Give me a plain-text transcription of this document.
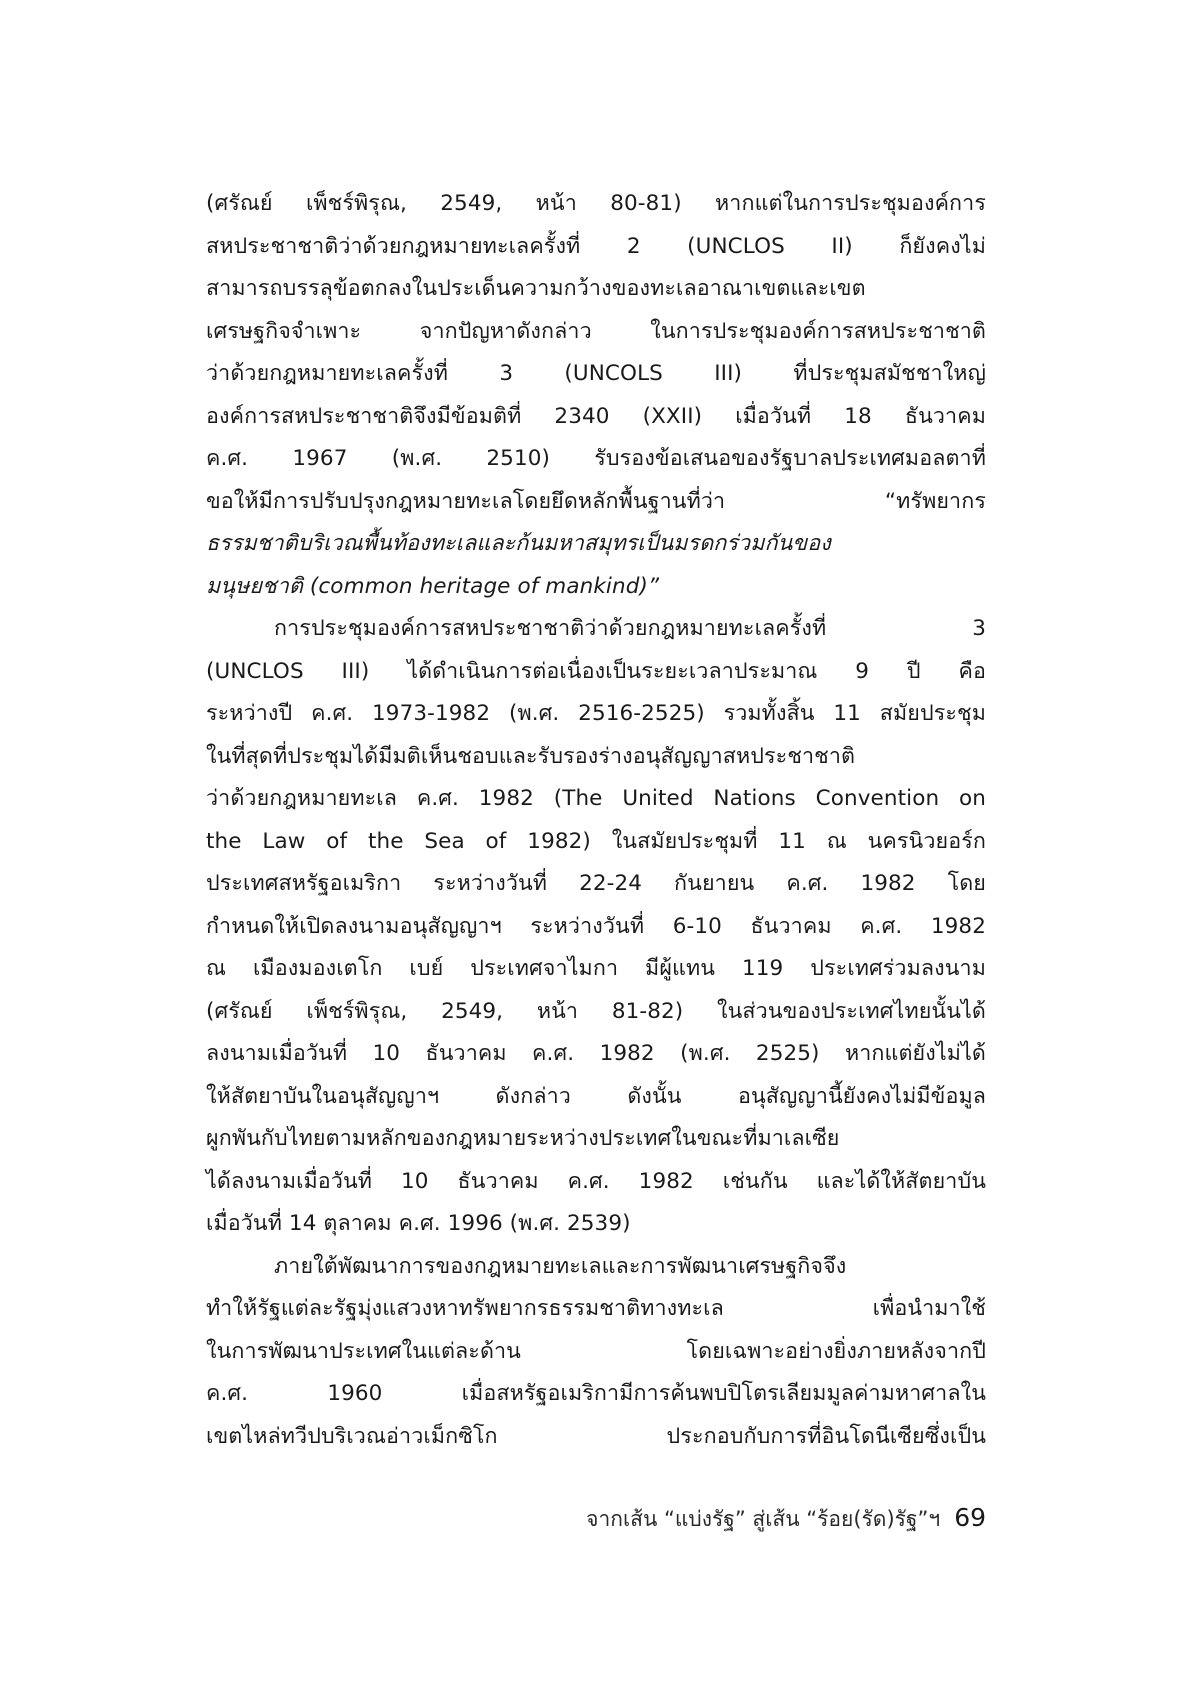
(ศรัณย์ เพ็ชร์พิรุณ, 2549, หน้า 80-81) หากแต่ในการประชุมองค์การ
สหประชาชาติว่าด้วยกฎหมายทะเลครั้งที่ 2 (UNCLOS II) ก็ยังคงไม่
สามารถบรรลุข้อตกลงในประเด็นความกว้างของทะเลอาณาเขตและเขต
เศรษฐกิจจำเพาะ จากปัญหาดังกล่าว ในการประชุมองค์การสหประชาชาติ
ว่าด้วยกฎหมายทะเลครั้งที่ 3 (UNCOLS III) ที่ประชุมสมัชชาใหญ่
องค์การสหประชาชาติจึงมีข้อมติที่ 2340 (XXII) เมื่อวันที่ 18 ธันวาคม
ค.ศ. 1967 (พ.ศ. 2510) รับรองข้อเสนอของรัฐบาลประเทศมอลตาที่
ขอให้มีการปรับปรุงกฎหมายทะเลโดยยึดหลักพื้นฐานที่ว่า “ทรัพยากร
ธรรมชาติบริเวณพื้นท้องทะเลและก้นมหาสมุทรเป็นมรดกร่วมกันของ
มนุษยชาติ (common heritage of mankind)”
การประชุมองค์การสหประชาชาติว่าด้วยกฎหมายทะเลครั้งที่ 3
(UNCLOS III) ได้ดำเนินการต่อเนื่องเป็นระยะเวลาประมาณ 9 ปี คือ
ระหว่างปี ค.ศ. 1973-1982 (พ.ศ. 2516-2525) รวมทั้งสิ้น 11 สมัยประชุม
ในที่สุดที่ประชุมได้มีมติเห็นชอบและรับรองร่างอนุสัญญาสหประชาชาติ
ว่าด้วยกฎหมายทะเล ค.ศ. 1982 (The United Nations Convention on
the Law of the Sea of 1982) ในสมัยประชุมที่ 11 ณ นครนิวยอร์ก
ประเทศสหรัฐอเมริกา ระหว่างวันที่ 22-24 กันยายน ค.ศ. 1982 โดย
กำหนดให้เปิดลงนามอนุสัญญาฯ ระหว่างวันที่ 6-10 ธันวาคม ค.ศ. 1982
ณ เมืองมองเตโก เบย์ ประเทศจาไมกา มีผู้แทน 119 ประเทศร่วมลงนาม
(ศรัณย์ เพ็ชร์พิรุณ, 2549, หน้า 81-82) ในส่วนของประเทศไทยนั้นได้
ลงนามเมื่อวันที่ 10 ธันวาคม ค.ศ. 1982 (พ.ศ. 2525) หากแต่ยังไม่ได้
ให้สัตยาบันในอนุสัญญาฯ ดังกล่าว ดังนั้น อนุสัญญานี้ยังคงไม่มีข้อมูล
ผูกพันกับไทยตามหลักของกฎหมายระหว่างประเทศในขณะที่มาเลเซีย
ได้ลงนามเมื่อวันที่ 10 ธันวาคม ค.ศ. 1982 เช่นกัน และได้ให้สัตยาบัน
เมื่อวันที่ 14 ตุลาคม ค.ศ. 1996 (พ.ศ. 2539)
ภายใต้พัฒนาการของกฎหมายทะเลและการพัฒนาเศรษฐกิจจึง
ทำให้รัฐแต่ละรัฐมุ่งแสวงหาทรัพยากรธรรมชาติทางทะเล เพื่อนำมาใช้
ในการพัฒนาประเทศในแต่ละด้าน โดยเฉพาะอย่างยิ่งภายหลังจากปี
ค.ศ. 1960 เมื่อสหรัฐอเมริกามีการค้นพบปิโตรเลียมมูลค่ามหาศาลใน
เขตไหล่ทวีปบริเวณอ่าวเม็กซิโก ประกอบกับการที่อินโดนีเซียซึ่งเป็น
จากเส้น “แบ่งรัฐ” สู่เส้น “ร้อย(รัด)รัฐ”ฯ 69
